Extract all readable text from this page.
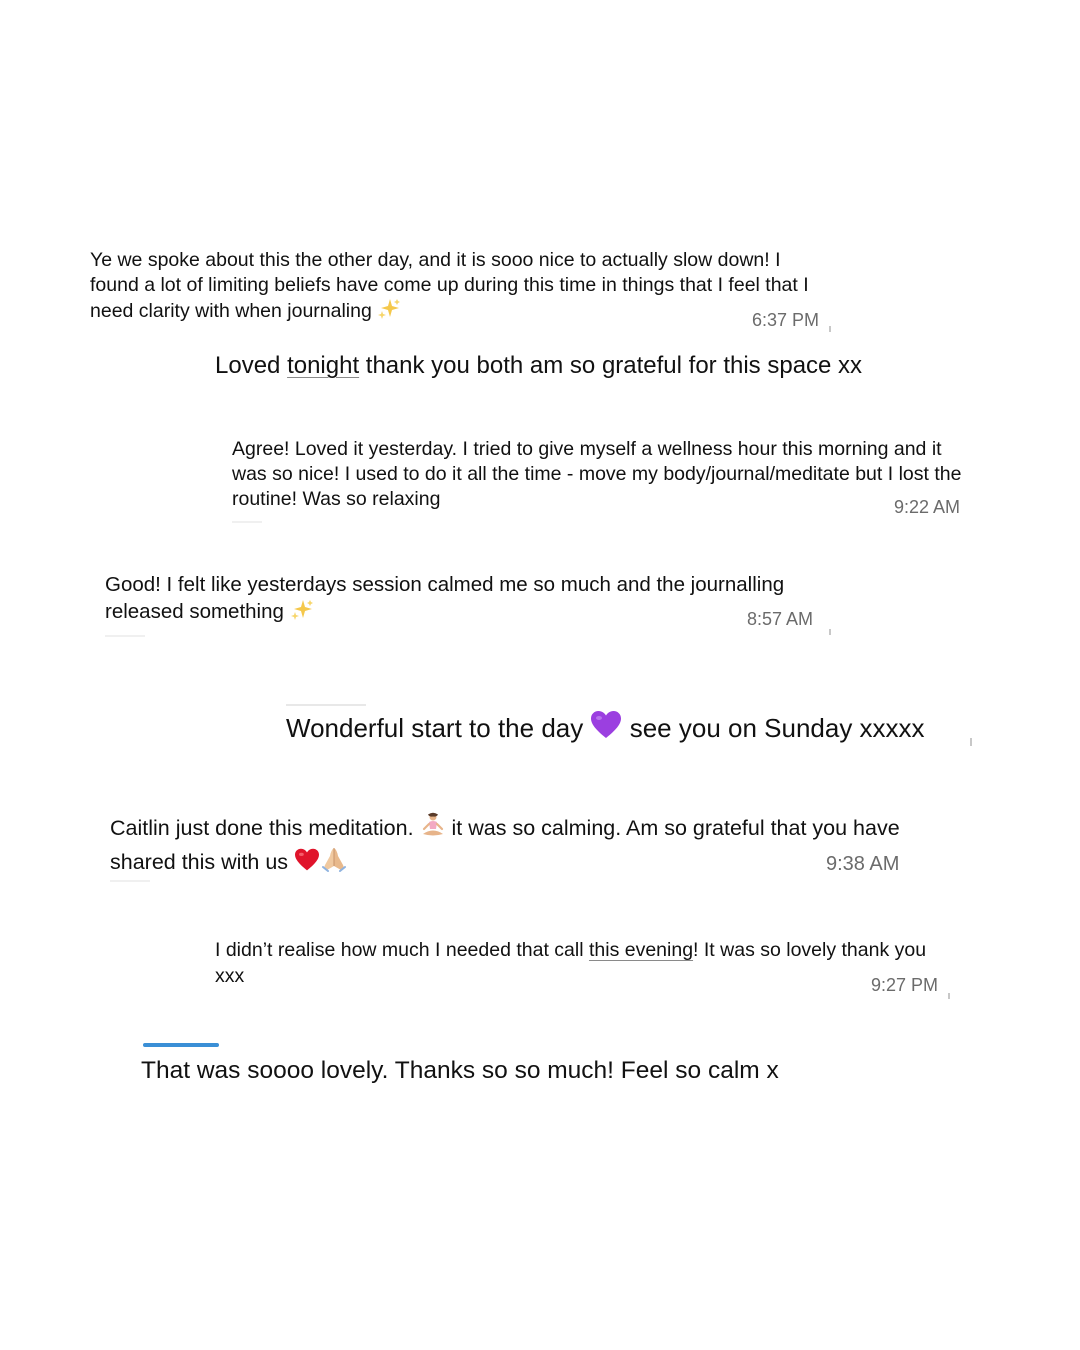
Ye we spoke about this the other day, and it is sooo nice to actually slow down! I found a lot of limiting beliefs have come up during this time in things that I feel that I need clarity with when journaling	6:37 PM

Loved tonight thank you both am so grateful for this space xx

Agree! Loved it yesterday. I tried to give myself a wellness hour this morning and it was so nice! I used to do it all the time - move my body/journal/meditate but I lost the routine! Was so relaxing	9:22 AM

Good! I felt like yesterdays session calmed me so much and the journalling released something	8:57 AM

Wonderful start to the day see you on Sunday xxxxx

Caitlin just done this meditation. it was so calming. Am so grateful that you have shared this with us	9:38 AM

I didn’t realise how much I needed that call this evening! It was so lovely thank you xxx	9:27 PM

That was soooo lovely. Thanks so so much! Feel so calm x
